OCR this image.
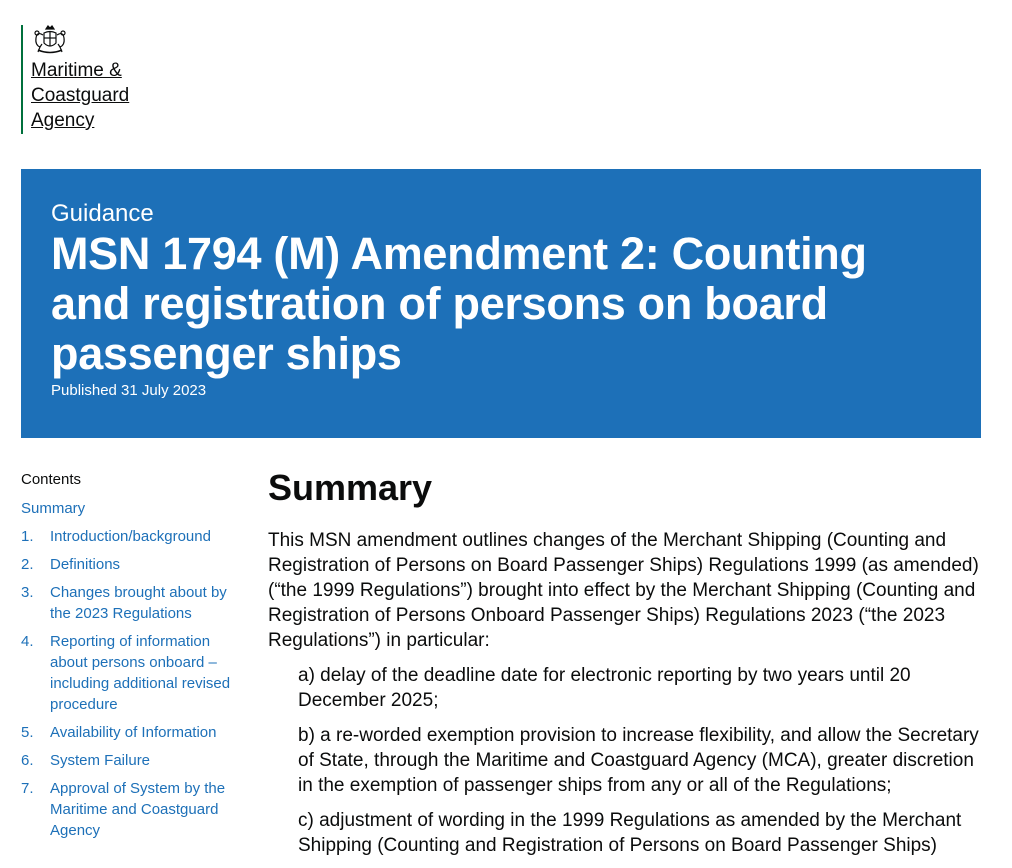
Maritime &
Coastguard
Agency

Guidance

MSN 1794 (M) Amendment 2: Counting and registration of persons on board passenger ships

Published 31 July 2023

Contents

Summary
1.	Introduction/background
2.	Definitions
3.	Changes brought about by the 2023 Regulations
4.	Reporting of information about persons onboard – including additional revised procedure
5.	Availability of Information
6.	System Failure
7.	Approval of System by the Maritime and Coastguard Agency
Summary

This MSN amendment outlines changes of the Merchant Shipping (Counting and Registration of Persons on Board Passenger Ships) Regulations 1999 (as amended) (“the 1999 Regulations”) brought into effect by the Merchant Shipping (Counting and Registration of Persons Onboard Passenger Ships) Regulations 2023 (“the 2023 Regulations”) in particular:

a) delay of the deadline date for electronic reporting by two years until 20 December 2025;

b) a re-worded exemption provision to increase flexibility, and allow the Secretary of State, through the Maritime and Coastguard Agency (MCA), greater discretion in the exemption of passenger ships from any or all of the Regulations;

c) adjustment of wording in the 1999 Regulations as amended by the Merchant Shipping (Counting and Registration of Persons on Board Passenger Ships)
